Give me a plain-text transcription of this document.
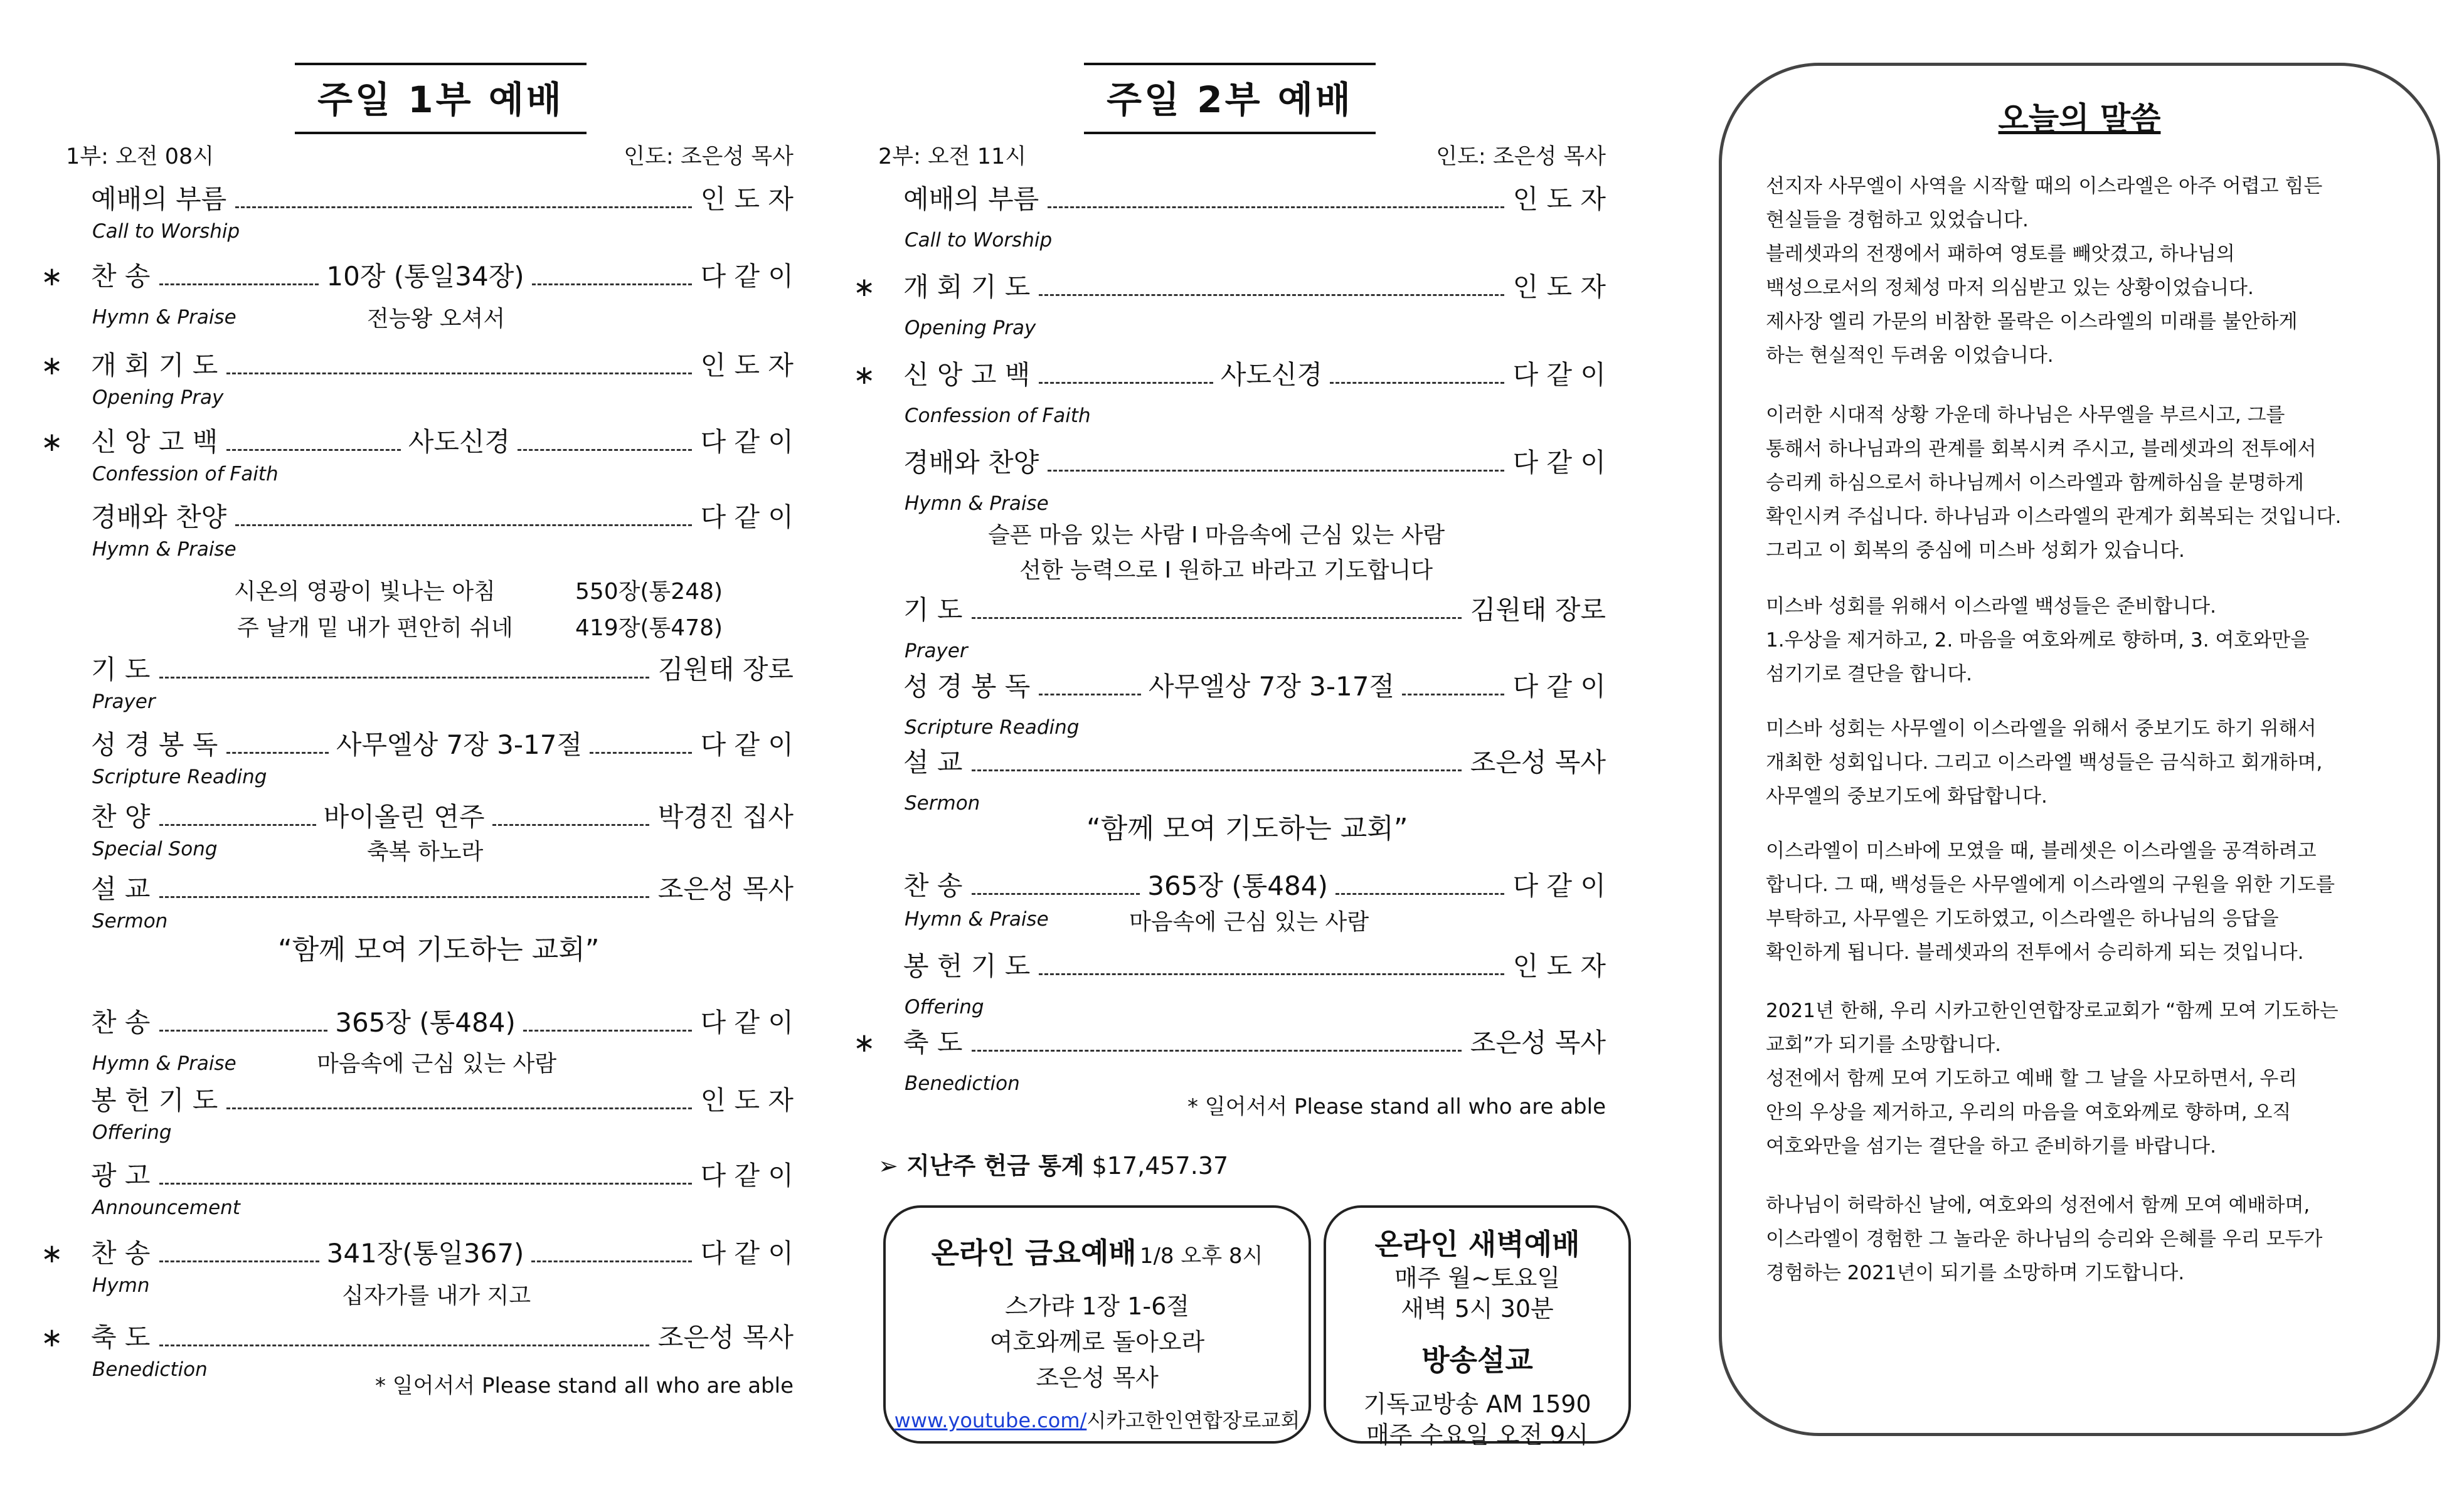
주일 1부 예배
1부: 오전 08시	인도: 조은성 목사
예배의 부름	인 도 자
Call to Worship
∗	찬 송	10장 (통일34장)	다 같 이
Hymn & Praise	전능왕 오셔서
∗	개 회 기 도	인 도 자
Opening Pray
∗	신 앙 고 백	사도신경	다 같 이
Confession of Faith
경배와 찬양	다 같 이
Hymn & Praise
기 도	김원태 장로
Prayer
성 경 봉 독	사무엘상 7장 3-17절	다 같 이
Scripture Reading
찬 양	바이올린 연주	박경진 집사
Special Song	축복 하노라
설 교	조은성 목사
Sermon
찬 송	365장 (통484)	다 같 이
Hymn & Praise	마음속에 근심 있는 사람
봉 헌 기 도	인 도 자
Offering
광 고	다 같 이
Announcement
∗	찬 송	341장(통일367)	다 같 이
Hymn	십자가를 내가 지고
∗	축 도	조은성 목사
Benediction
시온의 영광이 빛나는 아침	550장(통248)
주 날개 밑 내가 편안히 쉬네	419장(통478)
“함께 모여 기도하는 교회”
* 일어서서 Please stand all who are able
주일 2부 예배
2부: 오전 11시	인도: 조은성 목사
예배의 부름	인 도 자
Call to Worship
∗	개 회 기 도	인 도 자
Opening Pray
∗	신 앙 고 백	사도신경	다 같 이
Confession of Faith
경배와 찬양	다 같 이
Hymn & Praise
기 도	김원태 장로
Prayer
성 경 봉 독	사무엘상 7장 3-17절	다 같 이
Scripture Reading
설 교	조은성 목사
Sermon
찬 송	365장 (통484)	다 같 이
Hymn & Praise	마음속에 근심 있는 사람
봉 헌 기 도	인 도 자
Offering
∗	축 도	조은성 목사
Benediction
슬픈 마음 있는 사람 I 마음속에 근심 있는 사람
선한 능력으로 I 원하고 바라고 기도합니다
“함께 모여 기도하는 교회”
* 일어서서 Please stand all who are able
➢ 지난주 헌금 통계 $17,457.37
온라인 금요예배 1/8 오후 8시
스가랴 1장 1-6절
여호와께로 돌아오라
조은성 목사
www.youtube.com/시카고한인연합장로교회
온라인 새벽예배
매주 월~토요일
새벽 5시 30분
방송설교
기독교방송 AM 1590
매주 수요일 오전 9시
오늘의 말씀
선지자 사무엘이 사역을 시작할 때의 이스라엘은 아주 어렵고 힘든
현실들을 경험하고 있었습니다.
블레셋과의 전쟁에서 패하여 영토를 빼앗겼고, 하나님의
백성으로서의 정체성 마저 의심받고 있는 상황이었습니다.
제사장 엘리 가문의 비참한 몰락은 이스라엘의 미래를 불안하게
하는 현실적인 두려움 이었습니다.
이러한 시대적 상황 가운데 하나님은 사무엘을 부르시고, 그를
통해서 하나님과의 관계를 회복시켜 주시고, 블레셋과의 전투에서
승리케 하심으로서 하나님께서 이스라엘과 함께하심을 분명하게
확인시켜 주십니다. 하나님과 이스라엘의 관계가 회복되는 것입니다.
그리고 이 회복의 중심에 미스바 성회가 있습니다.
미스바 성회를 위해서 이스라엘 백성들은 준비합니다.
1.우상을 제거하고, 2. 마음을 여호와께로 향하며, 3. 여호와만을
섬기기로 결단을 합니다.
미스바 성회는 사무엘이 이스라엘을 위해서 중보기도 하기 위해서
개최한 성회입니다. 그리고 이스라엘 백성들은 금식하고 회개하며,
사무엘의 중보기도에 화답합니다.
이스라엘이 미스바에 모였을 때, 블레셋은 이스라엘을 공격하려고
합니다. 그 때, 백성들은 사무엘에게 이스라엘의 구원을 위한 기도를
부탁하고, 사무엘은 기도하였고, 이스라엘은 하나님의 응답을
확인하게 됩니다. 블레셋과의 전투에서 승리하게 되는 것입니다.
2021년 한해, 우리 시카고한인연합장로교회가 “함께 모여 기도하는
교회”가 되기를 소망합니다.
성전에서 함께 모여 기도하고 예배 할 그 날을 사모하면서, 우리
안의 우상을 제거하고, 우리의 마음을 여호와께로 향하며, 오직
여호와만을 섬기는 결단을 하고 준비하기를 바랍니다.
하나님이 허락하신 날에, 여호와의 성전에서 함께 모여 예배하며,
이스라엘이 경험한 그 놀라운 하나님의 승리와 은혜를 우리 모두가
경험하는 2021년이 되기를 소망하며 기도합니다.
